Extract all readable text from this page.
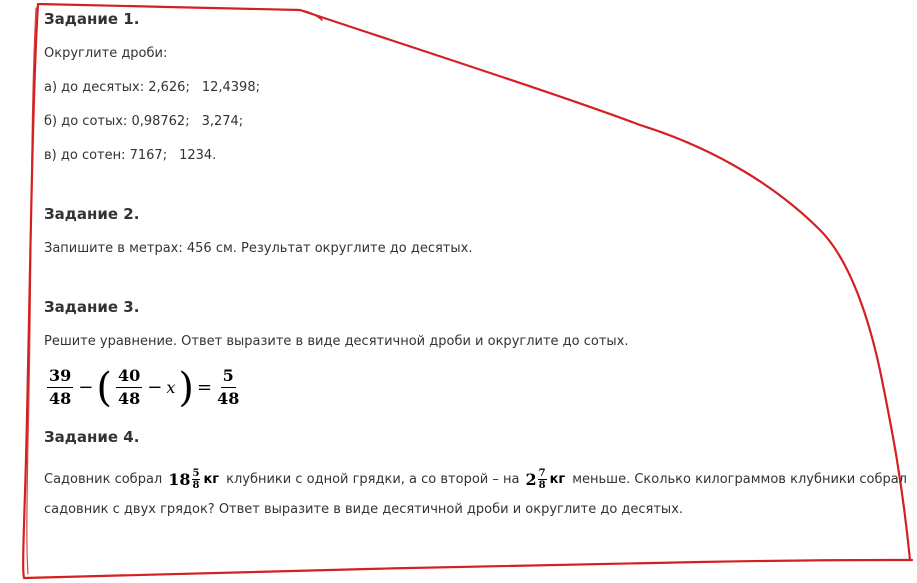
Задание 1.
Округлите дроби:
а) до десятых: 2,626; 12,4398;
б) до сотых: 0,98762; 3,274;
в) до сотен: 7167; 1234.
Задание 2.
Запишите в метрах: 456 см. Результат округлите до десятых.
Задание 3.
Решите уравнение. Ответ выразите в виде десятичной дроби и округлите до сотых.
$\frac{39}{48}$ − ( $\frac{40}{48} - x$ ) = $\frac{5}{48}$
Задание 4.
Садовник собрал $18 \frac{5}{8}$ кг клубники с одной грядки, а со второй – на $2 \frac{7}{8}$ кг меньше. Сколько килограммов клубники собрал
садовник с двух грядок? Ответ выразите в виде десятичной дроби и округлите до десятых.
